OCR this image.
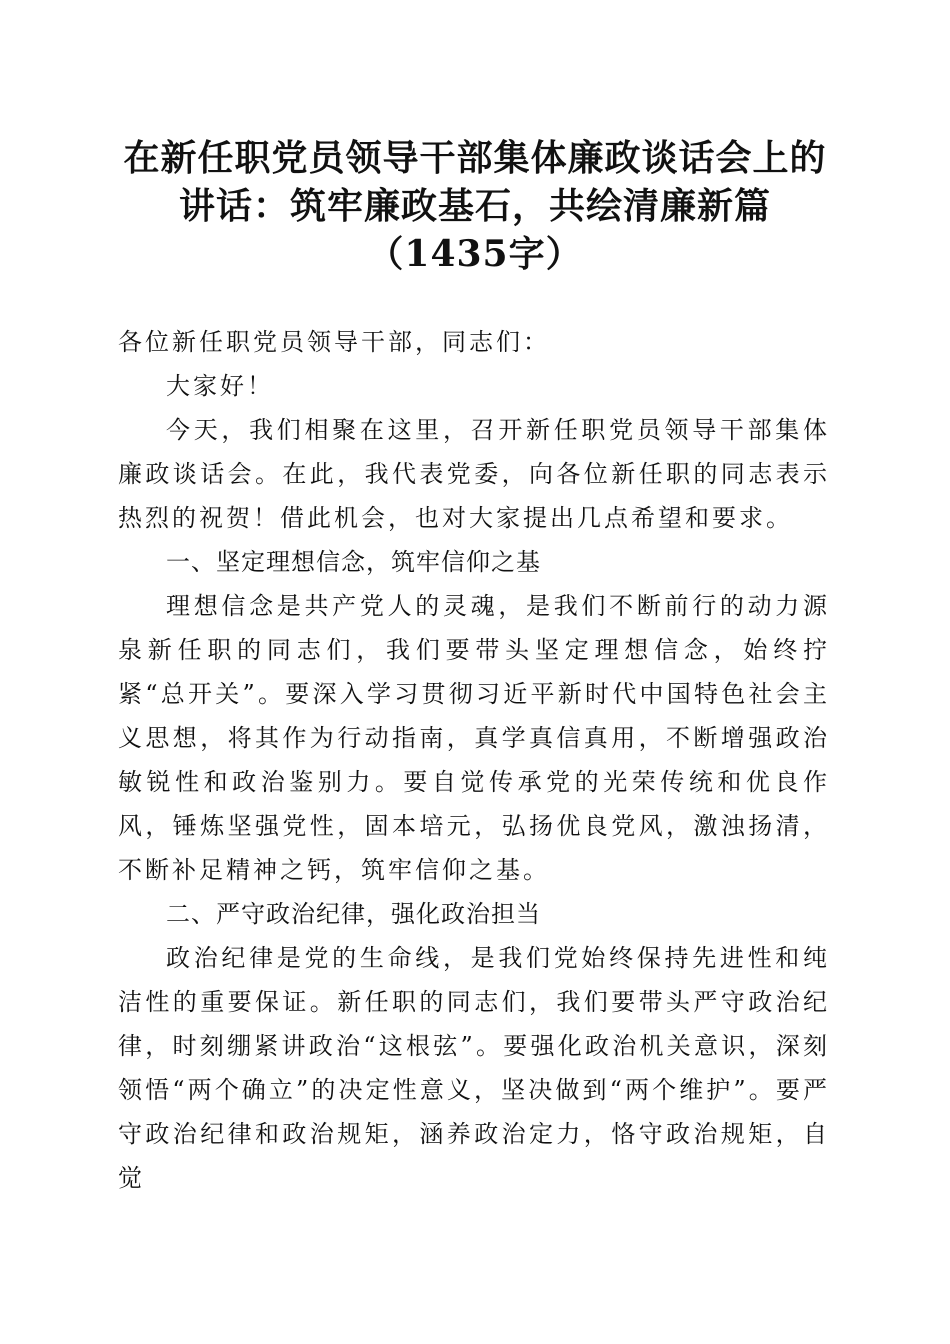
在新任职党员领导干部集体廉政谈话会上的讲话：筑牢廉政基石，共绘清廉新篇（1435字）

各位新任职党员领导干部，同志们：

大家好！

今天，我们相聚在这里，召开新任职党员领导干部集体廉政谈话会。在此，我代表党委，向各位新任职的同志表示热烈的祝贺！借此机会，也对大家提出几点希望和要求。

一、坚定理想信念，筑牢信仰之基

理想信念是共产党人的灵魂，是我们不断前行的动力源泉新任职的同志们，我们要带头坚定理想信念，始终拧紧“总开关”。要深入学习贯彻习近平新时代中国特色社会主义思想，将其作为行动指南，真学真信真用，不断增强政治敏锐性和政治鉴别力。要自觉传承党的光荣传统和优良作风，锤炼坚强党性，固本培元，弘扬优良党风，激浊扬清，不断补足精神之钙，筑牢信仰之基。

二、严守政治纪律，强化政治担当

政治纪律是党的生命线，是我们党始终保持先进性和纯洁性的重要保证。新任职的同志们，我们要带头严守政治纪律，时刻绷紧讲政治“这根弦”。要强化政治机关意识，深刻领悟“两个确立”的决定性意义，坚决做到“两个维护”。要严守政治纪律和政治规矩，涵养政治定力，恪守政治规矩，自觉
